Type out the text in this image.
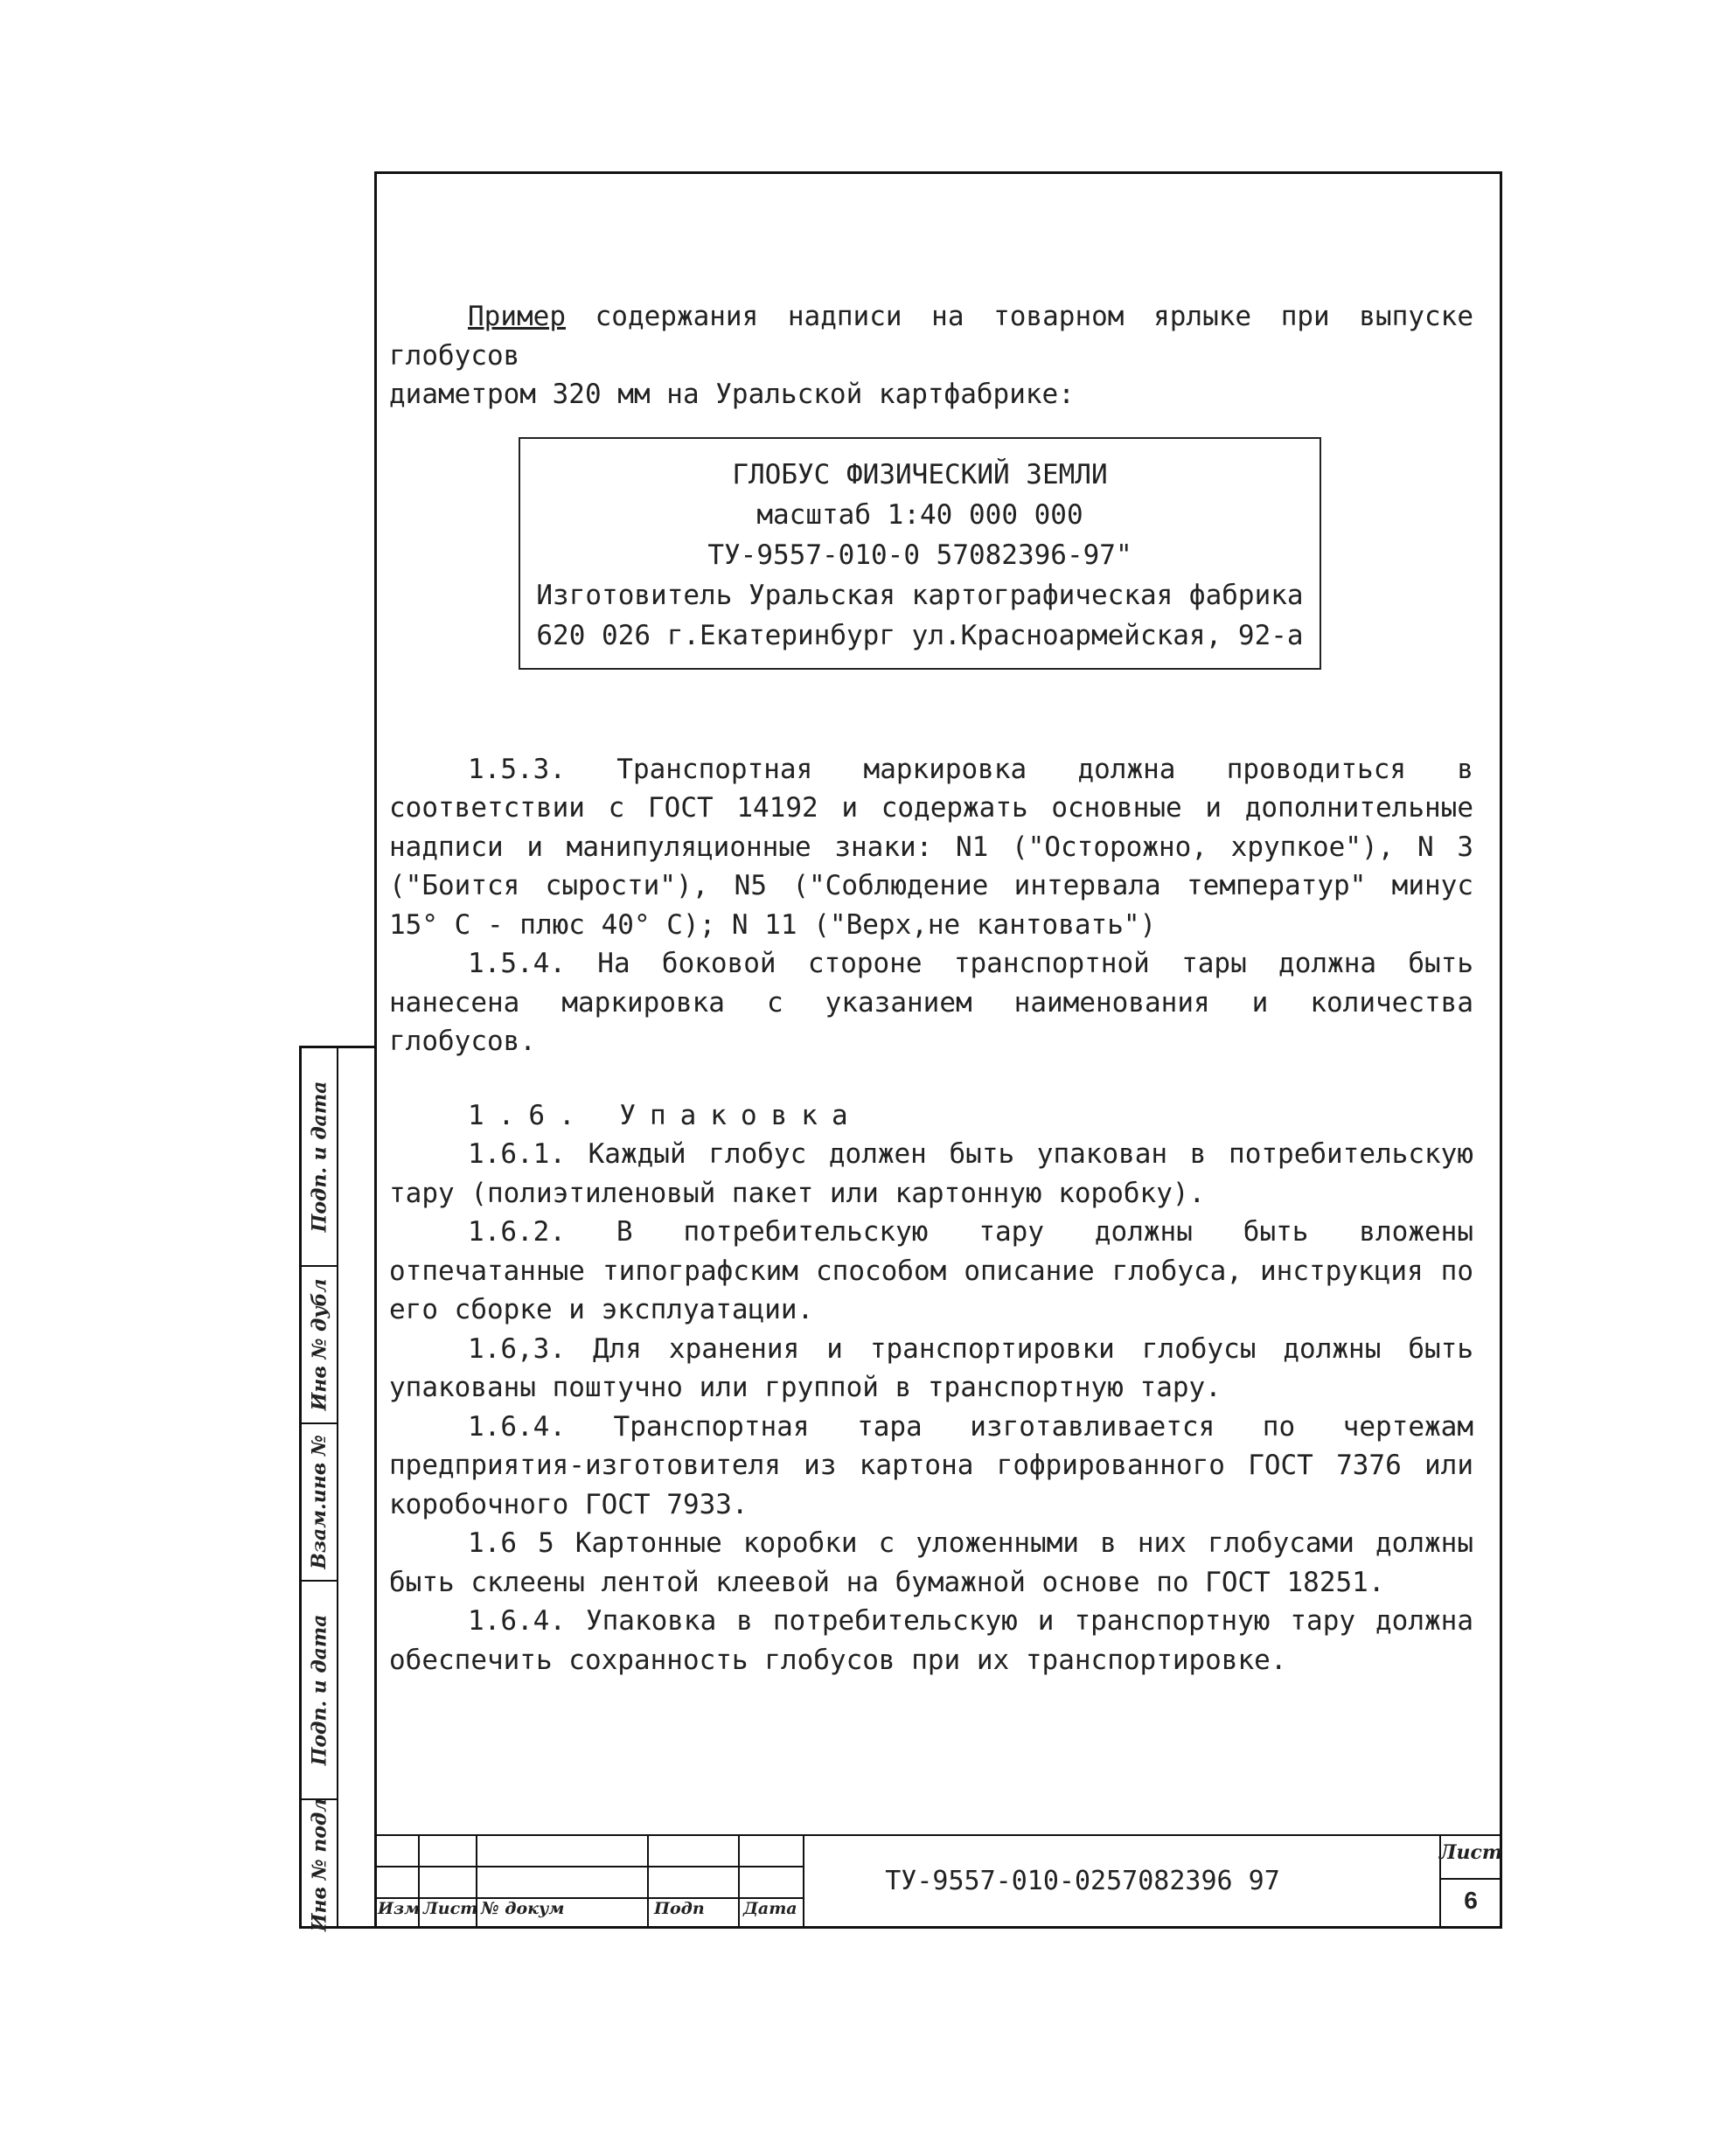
Пример содержания надписи на товарном ярлыке при выпуске глобусов

диаметром 320 мм на Уральской картфабрике:

ГЛОБУС ФИЗИЧЕСКИЙ ЗЕМЛИ
масштаб 1:40 000 000
ТУ-9557-010-0 57082396-97"
Изготовитель Уральская картографическая фабрика
620 026 г.Екатеринбург ул.Красноармейская, 92-а

1.5.3. Транспортная маркировка должна проводиться в соответствии с ГОСТ 14192 и содержать основные и дополнительные надписи и манипуляционные знаки: N1 ("Осторожно, хрупкое"), N 3 ("Боится сырости"), N5 ("Соблюдение интервала температур" минус 15° С - плюс 40° С); N 11 ("Верх,не кантовать")

1.5.4. На боковой стороне транспортной тары должна быть нанесена маркировка с указанием наименования и количества глобусов.

1.6. Упаковка

1.6.1. Каждый глобус должен быть упакован в потребительскую таpу (полиэтиленовый пакет или картонную коробку).

1.6.2. В потребительскую тару должны быть вложены отпечатанные типографским способом описание глобуса, инструкция по его сборке и эксплуатации.

1.6,3. Для хранения и транспортировки глобусы должны быть упакованы поштучно или группой в транспортную тару.

1.6.4. Транспортная тара изготавливается по чертежам предприятия-изготовителя из картона гофрированного ГОСТ 7376 или коробочного ГОСТ 7933.

1.6 5 Картонные коробки с уложенными в них глобусами должны быть склеены лентой клеевой на бумажной основе по ГОСТ 18251.

1.6.4. Упаковка в потребительскую и транспортную тару должна обеспечить сохранность глобусов при их транспортировке.

Подп. и дата
Инв № дубл
Взам.инв №
Подп. и дата
Инв № подл	Изм Лист № докум	Подп Дата
ТУ-9557-010-0257082396 97
Лист
6
